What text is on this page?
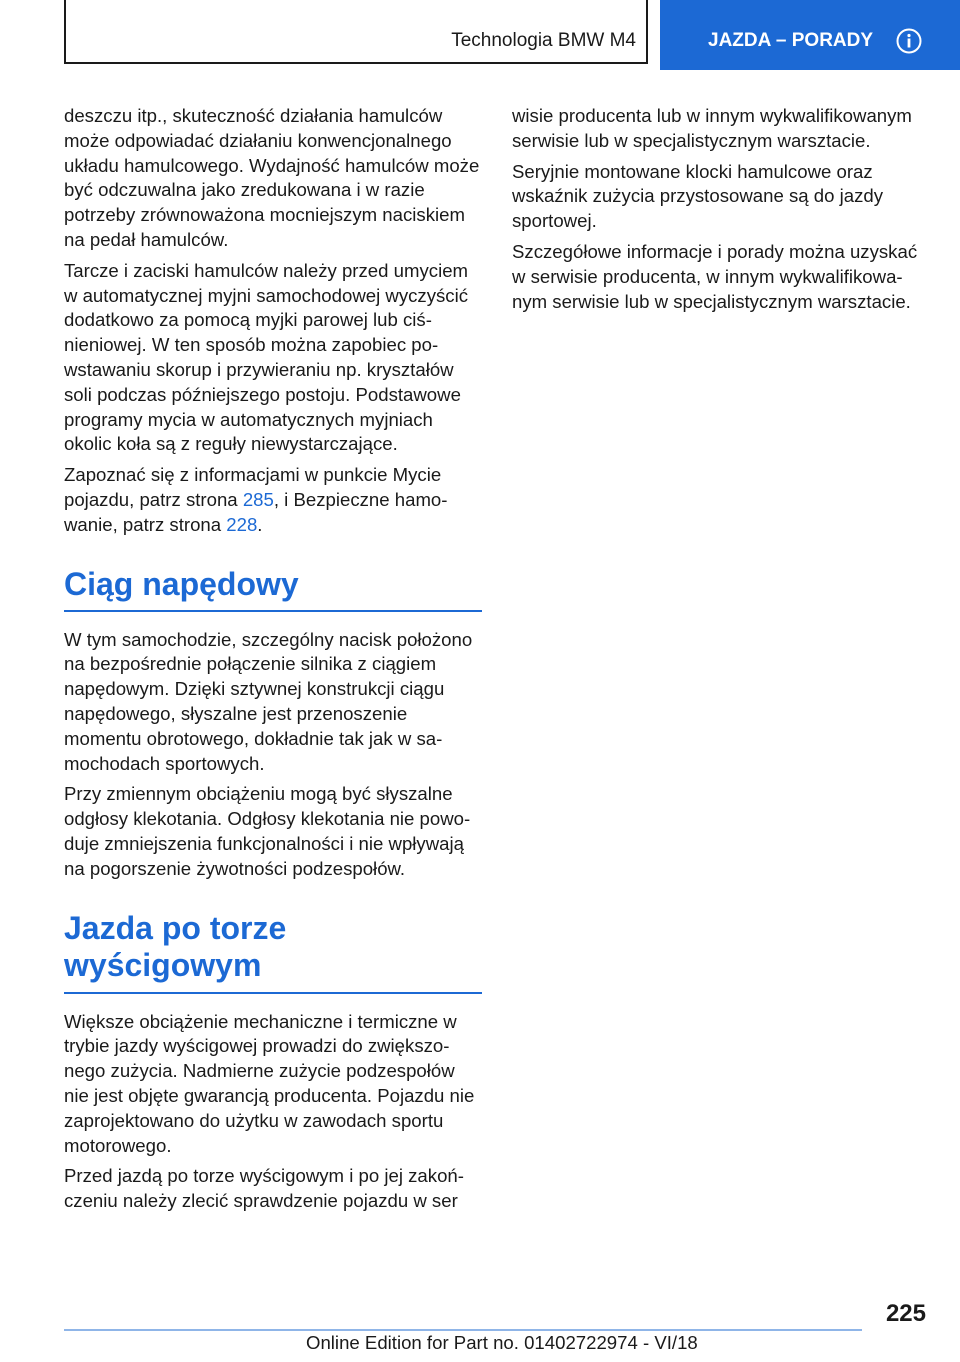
Technologia BMW M4	JAZDA – PORADY

deszczu itp., skuteczność działania hamulców może odpowiadać działaniu konwencjonalnego układu hamulcowego. Wydajność hamulców może być odczuwalna jako zredukowana i w razie potrzeby zrównoważona mocniejszym naciskiem na pedał hamulców.

Tarcze i zaciski hamulców należy przed umyciem w automatycznej myjni samochodowej wyczyścić dodatkowo za pomocą myjki parowej lub ciśnieniowej. W ten sposób można zapobiec powstawaniu skorup i przywieraniu np. kryształów soli podczas późniejszego postoju. Podstawowe programy mycia w automatycznych myjniach okolic koła są z reguły niewystarczające.

Zapoznać się z informacjami w punkcie Mycie pojazdu, patrz strona 285, i Bezpieczne hamowanie, patrz strona 228.

Ciąg napędowy

W tym samochodzie, szczególny nacisk położono na bezpośrednie połączenie silnika z ciągiem napędowym. Dzięki sztywnej konstrukcji ciągu napędowego, słyszalne jest przenoszenie momentu obrotowego, dokładnie tak jak w samochodach sportowych.

Przy zmiennym obciążeniu mogą być słyszalne odgłosy klekotania. Odgłosy klekotania nie powoduje zmniejszenia funkcjonalności i nie wpływają na pogorszenie żywotności podzespołów.

Jazda po torze
wyścigowym

Większe obciążenie mechaniczne i termiczne w trybie jazdy wyścigowej prowadzi do zwiększonego zużycia. Nadmierne zużycie podzespołów nie jest objęte gwarancją producenta. Pojazdu nie zaprojektowano do użytku w zawodach sportu motorowego.

Przed jazdą po torze wyścigowym i po jej zakończeniu należy zlecić sprawdzenie pojazdu w ser

wisie producenta lub w innym wykwalifikowanym serwisie lub w specjalistycznym warsztacie.

Seryjnie montowane klocki hamulcowe oraz wskaźnik zużycia przystosowane są do jazdy sportowej.

Szczegółowe informacje i porady można uzyskać w serwisie producenta, w innym wykwalifikowanym serwisie lub w specjalistycznym warsztacie.

225
Online Edition for Part no. 01402722974 - VI/18
